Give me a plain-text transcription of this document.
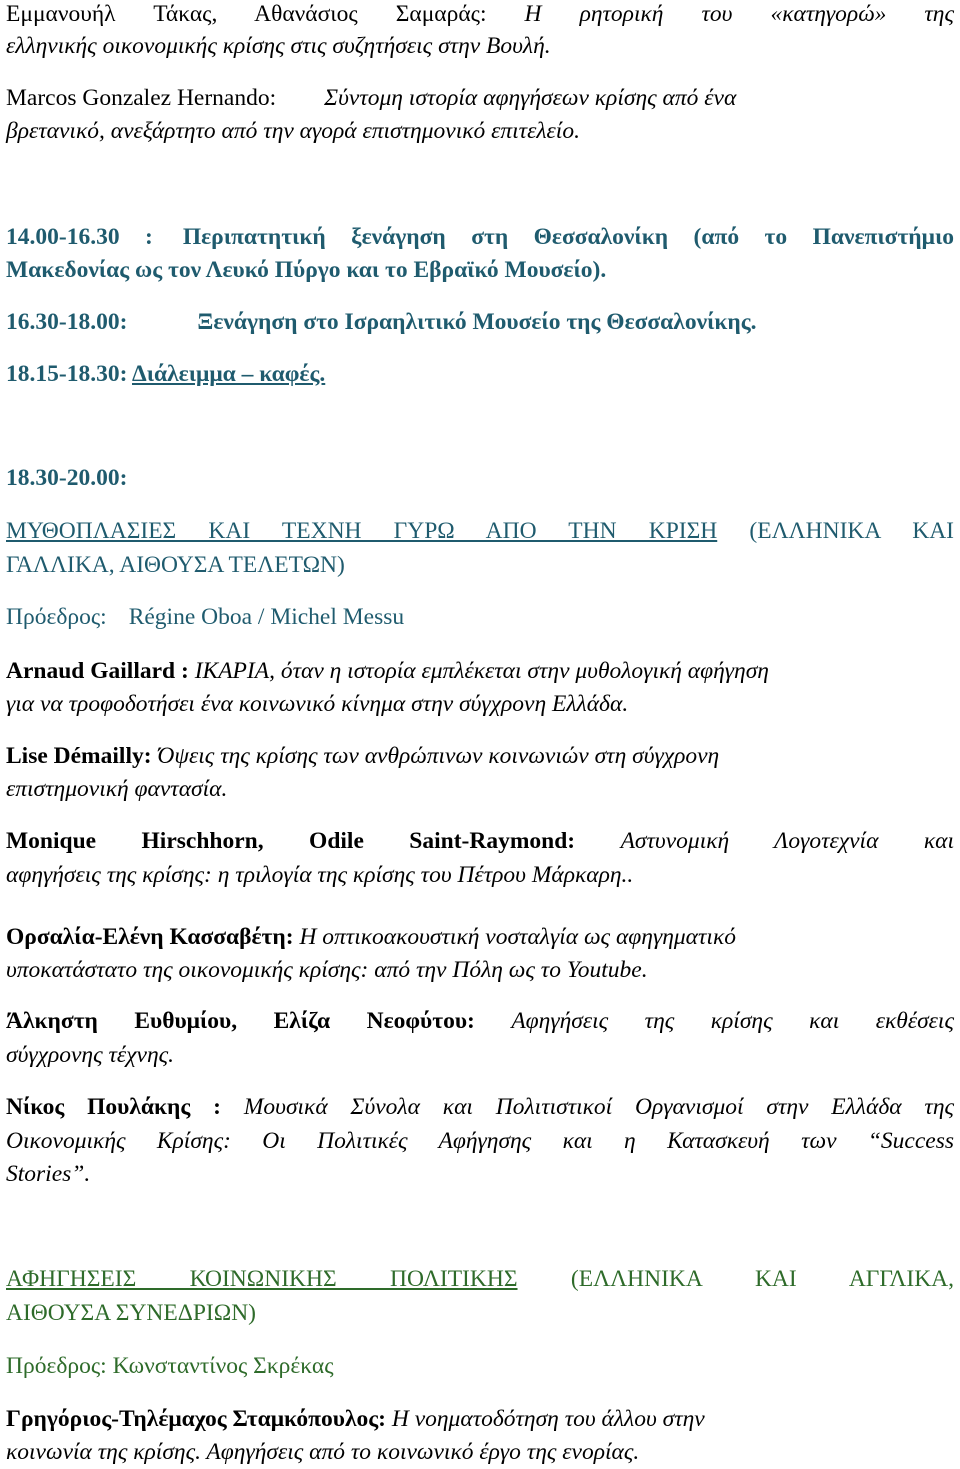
Εμμανουήλ Τάκας, Αθανάσιος Σαμαράς: Η ρητορική του «κατηγορώ» της
ελληνικής οικονομικής κρίσης στις συζητήσεις στην Βουλή.
Marcos Gonzalez Hernando: Σύντομη ιστορία αφηγήσεων κρίσης από ένα
βρετανικό, ανεξάρτητο από την αγορά επιστημονικό επιτελείο.
14.00-16.30 : Περιπατητική ξενάγηση στη Θεσσαλονίκη (από το Πανεπιστήμιο
Μακεδονίας ως τον Λευκό Πύργο και το Εβραϊκό Μουσείο).
16.30-18.00:	Ξενάγηση στο Ισραηλιτικό Μουσείο της Θεσσαλονίκης.
18.15-18.30: Διάλειμμα – καφές.
18.30-20.00:
ΜΥΘΟΠΛΑΣΙΕΣ ΚΑΙ ΤΕΧΝΗ ΓΥΡΩ ΑΠΟ ΤΗΝ ΚΡΙΣΗ (ΕΛΛΗΝΙΚΑ ΚΑΙ
ΓΑΛΛΙΚΑ, ΑΙΘΟΥΣΑ ΤΕΛΕΤΩΝ)
Πρόεδρος: Régine Oboa / Michel Messu
Arnaud Gaillard : ΙΚΑΡΙΑ, όταν η ιστορία εμπλέκεται στην μυθολογική αφήγηση
για να τροφοδοτήσει ένα κοινωνικό κίνημα στην σύγχρονη Ελλάδα.
Lise Démailly: Όψεις της κρίσης των ανθρώπινων κοινωνιών στη σύγχρονη
επιστημονική φαντασία.
Monique Hirschhorn, Odile Saint-Raymond: Αστυνομική Λογοτεχνία και
αφηγήσεις της κρίσης: η τριλογία της κρίσης του Πέτρου Μάρκαρη..
Ορσαλία-Ελένη Κασσαβέτη: Η οπτικοακουστική νοσταλγία ως αφηγηματικό
υποκατάστατο της οικονομικής κρίσης: από την Πόλη ως το Youtube.
Άλκηστη Ευθυμίου, Ελίζα Νεοφύτου: Αφηγήσεις της κρίσης και εκθέσεις
σύγχρονης τέχνης.
Νίκος Πουλάκης : Μουσικά Σύνολα και Πολιτιστικοί Οργανισμοί στην Ελλάδα της
Οικονομικής Κρίσης: Οι Πολιτικές Αφήγησης και η Κατασκευή των “Success
Stories”.
ΑΦΗΓΗΣΕΙΣ ΚΟΙΝΩΝΙΚΗΣ ΠΟΛΙΤΙΚΗΣ (ΕΛΛΗΝΙΚΑ ΚΑΙ ΑΓΓΛΙΚΑ,
ΑΙΘΟΥΣΑ ΣΥΝΕΔΡΙΩΝ)
Πρόεδρος: Κωνσταντίνος Σκρέκας
Γρηγόριος-Τηλέμαχος Σταμκόπουλος: Η νοηματοδότηση του άλλου στην
κοινωνία της κρίσης. Αφηγήσεις από το κοινωνικό έργο της ενορίας.
